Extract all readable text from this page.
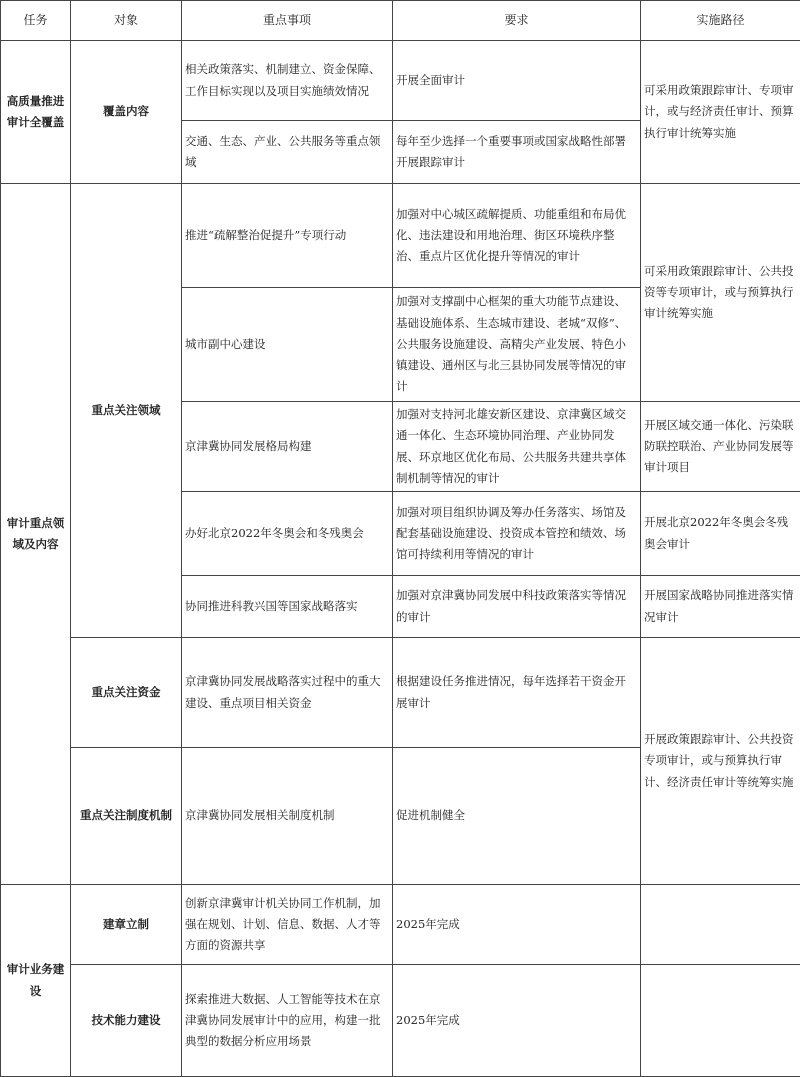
任务	对象	重点事项	要求	实施路径
高质量推进审计全覆盖	覆盖内容	相关政策落实、机制建立、资金保障、工作目标实现以及项目实施绩效情况	开展全面审计	可采用政策跟踪审计、专项审计，或与经济责任审计、预算执行审计统筹实施
		交通、生态、产业、公共服务等重点领域	每年至少选择一个重要事项或国家战略性部署开展跟踪审计	
审计重点领域及内容	重点关注领域	推进“疏解整治促提升”专项行动	加强对中心城区疏解提质、功能重组和布局优化、违法建设和用地治理、街区环境秩序整治、重点片区优化提升等情况的审计	可采用政策跟踪审计、公共投资等专项审计，或与预算执行审计统筹实施
		城市副中心建设	加强对支撑副中心框架的重大功能节点建设、基础设施体系、生态城市建设、老城“双修”、公共服务设施建设、高精尖产业发展、特色小镇建设、通州区与北三县协同发展等情况的审计	
		京津冀协同发展格局构建	加强对支持河北雄安新区建设、京津冀区域交通一体化、生态环境协同治理、产业协同发展、环京地区优化布局、公共服务共建共享体制机制等情况的审计	开展区域交通一体化、污染联防联控联治、产业协同发展等审计项目
		办好北京2022年冬奥会和冬残奥会	加强对项目组织协调及筹办任务落实、场馆及配套基础设施建设、投资成本管控和绩效、场馆可持续利用等情况的审计	开展北京2022年冬奥会冬残奥会审计
		协同推进科教兴国等国家战略落实	加强对京津冀协同发展中科技政策落实等情况的审计	开展国家战略协同推进落实情况审计
	重点关注资金	京津冀协同发展战略落实过程中的重大建设、重点项目相关资金	根据建设任务推进情况，每年选择若干资金开展审计	开展政策跟踪审计、公共投资专项审计，或与预算执行审计、经济责任审计等统筹实施
	重点关注制度机制	京津冀协同发展相关制度机制	促进机制健全	
审计业务建设	建章立制	创新京津冀审计机关协同工作机制，加强在规划、计划、信息、数据、人才等方面的资源共享	2025年完成	
	技术能力建设	探索推进大数据、人工智能等技术在京津冀协同发展审计中的应用，构建一批典型的数据分析应用场景	2025年完成	
